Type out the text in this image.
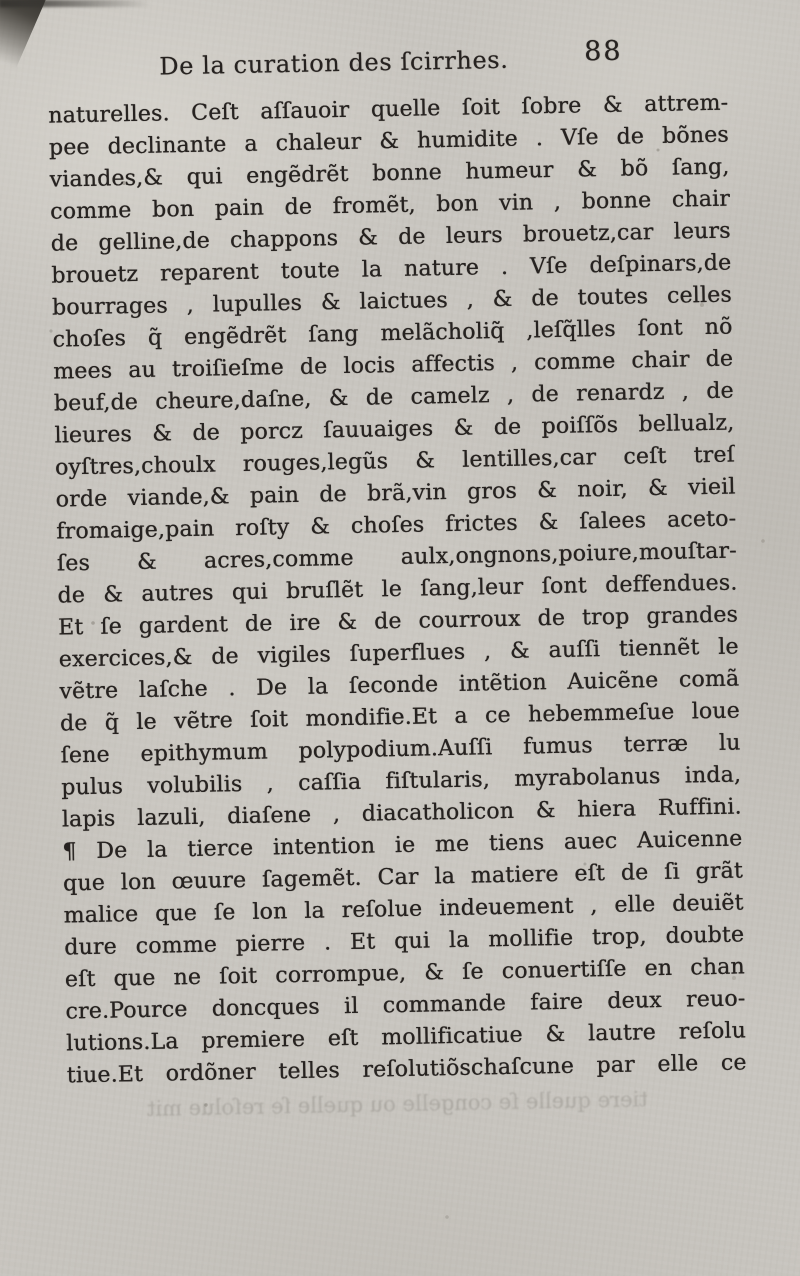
De la curation des ſcirrhes.	88
naturelles. Ceſt aſſauoir quelle ſoit ſobre & attrem-
pee declinante a chaleur & humidite . Vſe de bõnes
viandes,& qui engẽdrẽt bonne humeur & bõ ſang,
comme bon pain de fromẽt, bon vin , bonne chair
de gelline,de chappons & de leurs brouetz,car leurs
brouetz reparent toute la nature . Vſe deſpinars,de
bourrages , lupulles & laictues , & de toutes celles
choſes q̃ engẽdrẽt ſang melãcholiq̃ ,leſq̃lles ſont nõ
mees au troiſieſme de locis affectis , comme chair de
beuf,de cheure,daſne, & de camelz , de renardz , de
lieures & de porcz ſauuaiges & de poiſſõs bellualz,
oyſtres,choulx rouges,legũs & lentilles,car ceſt treſ
orde viande,& pain de brã,vin gros & noir, & vieil
fromaige,pain roſty & choſes frictes & ſalees aceto-
ſes & acres,comme aulx,ongnons,poiure,mouſtar-
de & autres qui bruſlẽt le ſang,leur ſont deffendues.
Et ſe gardent de ire & de courroux de trop grandes
exercices,& de vigiles ſuperflues , & auſſi tiennẽt le
vẽtre laſche . De la ſeconde intẽtion Auicẽne comã
de q̃ le vẽtre ſoit mondifie.Et a ce hebemmeſue loue
ſene epithymum polypodium.Auſſi fumus terræ lu
pulus volubilis , caſſia fiſtularis, myrabolanus inda,
lapis lazuli, diaſene , diacatholicon & hiera Ruffini.
¶ De la tierce intention ie me tiens auec Auicenne
que lon œuure ſagemẽt. Car la matiere eſt de ſi grãt
malice que ſe lon la reſolue indeuement , elle deuiẽt
dure comme pierre . Et qui la mollifie trop, doubte
eſt que ne ſoit corrompue, & ſe conuertiſſe en chan
cre.Pource doncques il commande faire deux reuo-
lutions.La premiere eſt mollificatiue & lautre reſolu
tiue.Et ordõner telles reſolutiõschaſcune par elle ce
tiere quelle ſe congelle ou quelle ſe reſolue mit
